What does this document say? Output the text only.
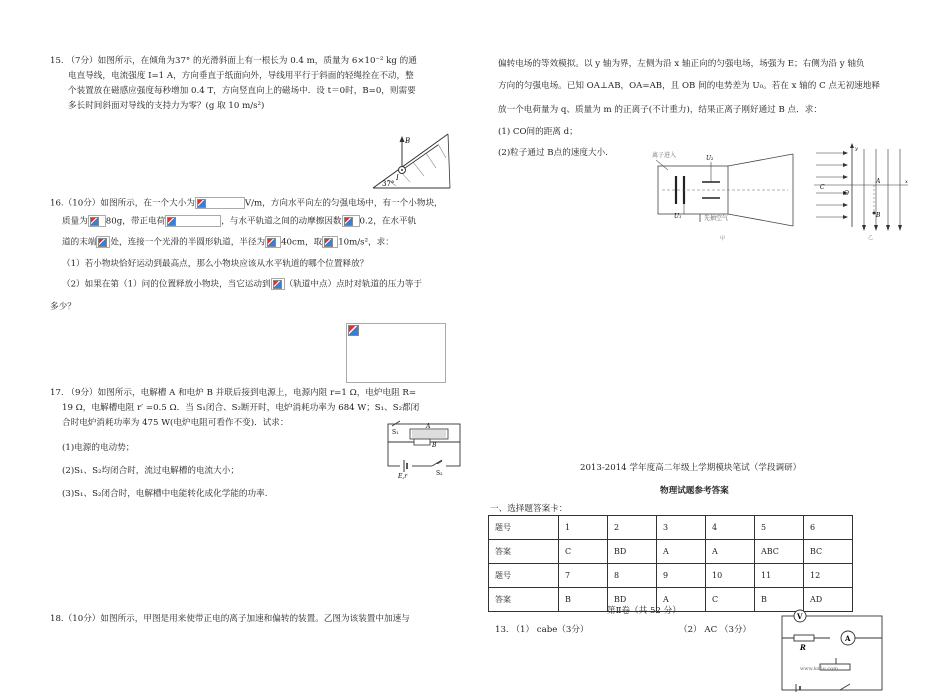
15. （7分）如图所示，在倾角为37° 的光滑斜面上有一根长为 0.4 m，质量为 6×10⁻² kg 的通
电直导线，电流强度 I=1 A，方向垂直于纸面向外，导线用平行于斜面的轻绳拴在不动，整
个装置放在磁感应强度每秒增加 0.4 T，方向竖直向上的磁场中．设 t＝0时，B=0，则需要
多长时间斜面对导线的支持力为零？(g 取 10 m/s²)
B
I
37°
16.（10分）如图所示，在一个大小为	V/m，方向水平向左的匀强电场中，有一个小物块，
质量为 80g，带正电荷	，与水平轨道之间的动摩擦因数 0.2，在水平轨
道的末端 处，连接一个光滑的半圆形轨道，半径为 40cm，取 10m/s²，求：
（1）若小物块恰好运动到最高点，那么小物块应该从水平轨道的哪个位置释放？
（2）如果在第（1）问的位置释放小物块，当它运动到 （轨道中点）点时对轨道的压力等于
多少？
17. （9分）如图所示，电解槽 A 和电炉 B 并联后接到电源上，电源内阻 r=1 Ω，电炉电阻 R=
19 Ω，电解槽电阻 r′ =0.5 Ω．当 S₁闭合、S₂断开时，电炉消耗功率为 684 W；S₁、S₂都闭
合时电炉消耗功率为 475 W(电炉电阻可看作不变)．试求：
(1)电源的电动势；
(2)S₁、S₂均闭合时，流过电解槽的电流大小；
(3)S₁、S₂闭合时，电解槽中电能转化成化学能的功率.
A
S₁
B
E,r	S₂
18.（10分）如图所示，甲图是用来使带正电的离子加速和偏转的装置。乙图为该装置中加速与
偏转电场的等效模拟。以 y 轴为界，左侧为沿 x 轴正向的匀强电场，场强为 E；右侧为沿 y 轴负
方向的匀强电场。已知 OA⊥AB，OA=AB，且 OB 间的电势差为 U₀。若在 x 轴的 C 点无初速地释
放一个电荷量为 q、质量为 m 的正离子(不计重力)，结果正离子刚好通过 B 点．求：
(1) CO间的距离 d；
(2)粒子通过 B点的速度大小.	离子进入	U₂
U₁	先抽空气
甲
y
x
C
O
A
B
乙
2013-2014 学年度高二年级上学期模块笔试（学段调研）
物理试题参考答案
一、选择题答案卡：
题号	1	2	3	4	5	6
答案	C	BD	A	A	ABC	BC
题号	7	8	9	10	11	12
答案	B	BD	A	C	B	AD
第Ⅱ卷（共 52 分）
13. （1） cabe（3分）	（2） AC （3分）
V
A
R
www.ks5u.com
